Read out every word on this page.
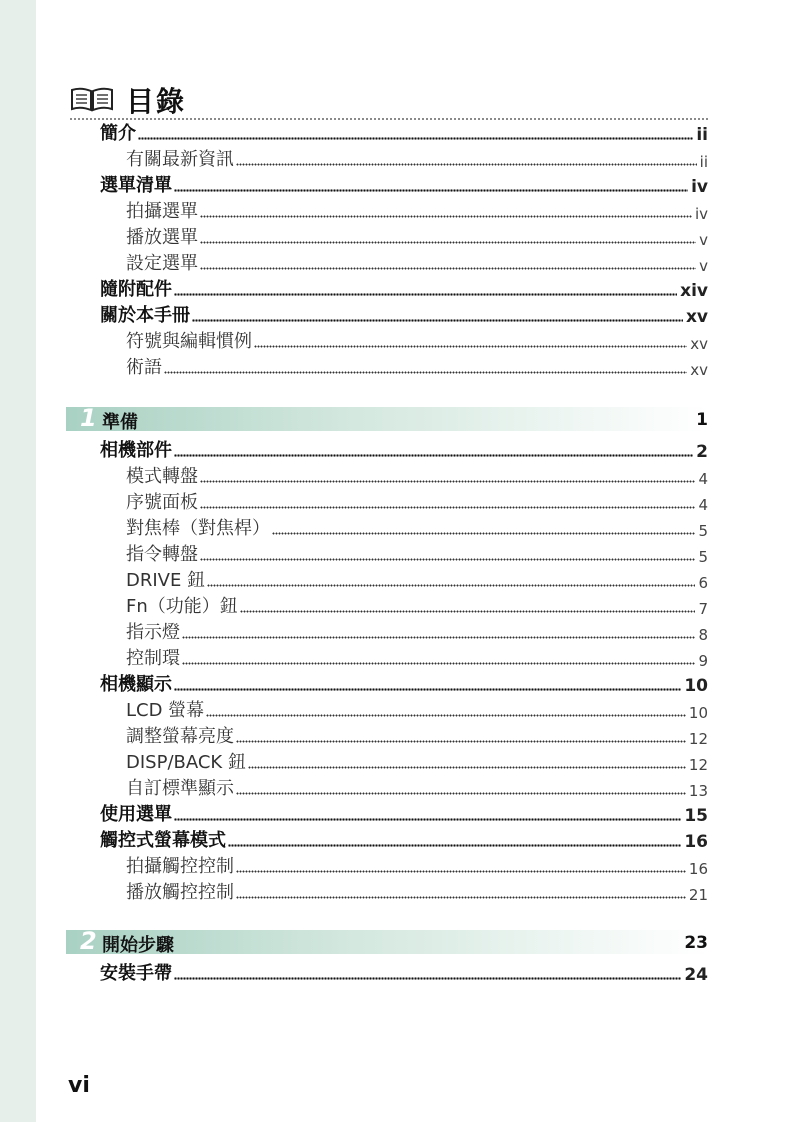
目錄
簡介	ii
有關最新資訊	ii
選單清單	iv
拍攝選單	iv
播放選單	v
設定選單	v
隨附配件	xiv
關於本手冊	xv
符號與編輯慣例	xv
術語	xv
1 準備	1
相機部件	2
模式轉盤	4
序號面板	4
對焦棒（對焦桿）	5
指令轉盤	5
DRIVE 鈕	6
Fn（功能）鈕	7
指示燈	8
控制環	9
相機顯示	10
LCD 螢幕	10
調整螢幕亮度	12
DISP/BACK 鈕	12
自訂標準顯示	13
使用選單	15
觸控式螢幕模式	16
拍攝觸控控制	16
播放觸控控制	21
2 開始步驟	23
安裝手帶	24
vi
